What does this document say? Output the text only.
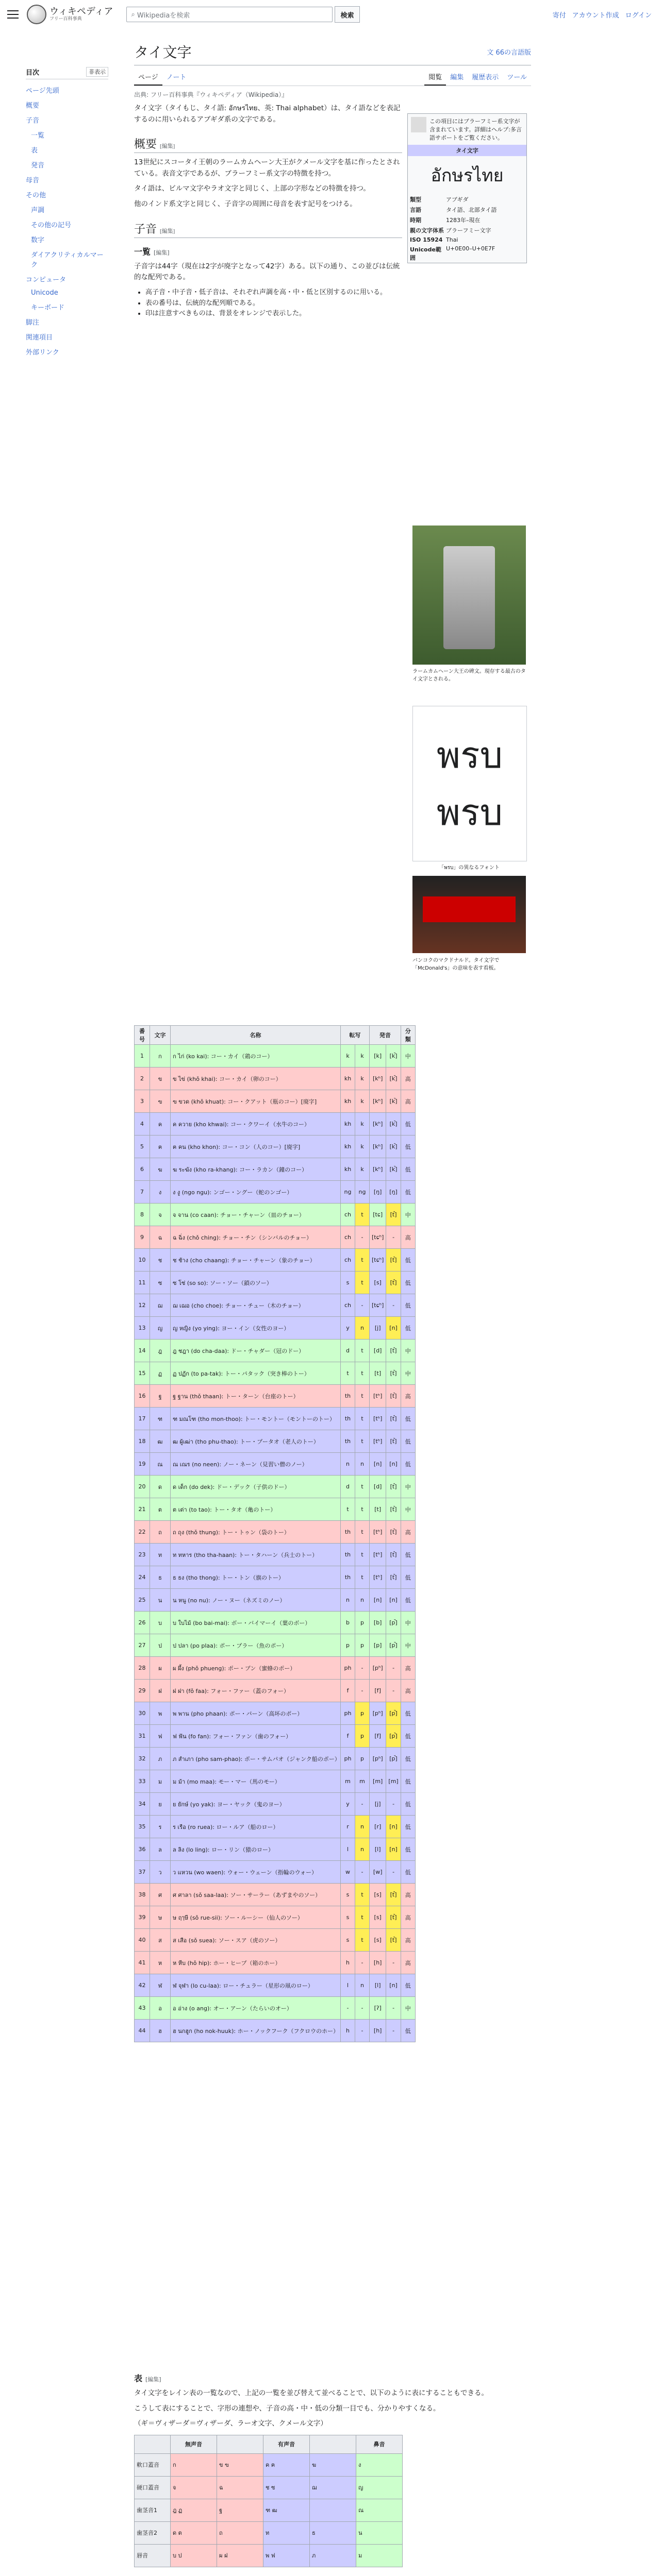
ウィキペディア
フリー百科事典
⌕ Wikipediaを検索	検索	寄付 アカウント作成 ログイン
目次	非表示
ページ先頭
概要
子音
一覧
表
発音
母音
その他
声調
その他の記号
数字
ダイアクリティカルマーク
コンピュータ
Unicode
キーボード
脚注
関連項目
外部リンク
タイ文字	文 66の言語版
ページ	ノート	閲覧	編集	履歴表示	ツール
出典: フリー百科事典『ウィキペディア（Wikipedia）』

タイ文字（タイもじ、タイ語: อักษรไทย、英: Thai alphabet）は、タイ語などを表記するのに用いられるアブギダ系の文字である。

概要 [編集]

13世紀にスコータイ王朝のラームカムヘーン大王がクメール文字を基に作ったとされている。表音文字であるが、ブラーフミー系文字の特徴を持つ。

タイ語は、ビルマ文字やラオ文字と同じく、上部の字形などの特徴を持つ。

他のインド系文字と同じく、子音字の周囲に母音を表す記号をつける。

子音 [編集]
一覧 [編集]

子音字は44字（現在は2字が廃字となって42字）ある。以下の通り、この並びは伝統的な配列である。

• 高子音・中子音・低子音は、それぞれ声調を高・中・低と区別するのに用いる。
• 表の番号は、伝統的な配列順である。
• 印は注意すべきものは、背景をオレンジで表示した。
この項目にはブラーフミー系文字が含まれています。詳細はヘルプ:多言語サポートをご覧ください。
タイ文字
อักษรไทย
類型	アブギダ
言語	タイ語、北部タイ語
時期	1283年–現在
親の文字体系 ブラーフミー文字
ISO 15924 Thai
Unicode範囲
U+0E00–U+0E7F
ラームカムヘーン大王の碑文。現存する最古のタイ文字とされる。
พรบ
พรบ
「พรบ」の異なるフォント
バンコクのマクドナルド。タイ文字で「McDonald's」の意味を表す看板。
番号	文字	名称	転写		発音		分類
1	ก	ก ไก่ (ko kai): コー・カイ（鶏のコー）	k	k	[k]	[k̚]	中
2	ข	ข ไข่ (khǒ khai): コー・カイ（卵のコー）	kh	k	[kʰ]	[k̚]	高
3	ฃ	ฃ ขวด (khǒ khuat): コー・クアット（瓶のコー）[廃字]	kh	k	[kʰ]	[k̚]	高
4	ค	ค ควาย (kho khwai): コー・クワーイ（水牛のコー）	kh	k	[kʰ]	[k̚]	低
5	ฅ	ฅ คน (kho khon): コー・コン（人のコー）[廃字]	kh	k	[kʰ]	[k̚]	低
6	ฆ	ฆ ระฆัง (kho ra-khang): コー・ラカン（鐘のコー）	kh	k	[kʰ]	[k̚]	低
7	ง	ง งู (ngo ngu): ンゴー・ングー（蛇のンゴー）	ng	ng	[ŋ]	[ŋ]	低
8	จ	จ จาน (co caan): チョー・チャーン（皿のチョー）	ch	t	[tɕ]	[t̚]	中
9	ฉ	ฉ ฉิ่ง (chǒ ching): チョー・チン（シンバルのチョー）	ch	-	[tɕʰ]	-	高
10	ช	ช ช้าง (cho chaang): チョー・チャーン（象のチョー）	ch	t	[tɕʰ]	[t̚]	低
11	ซ	ซ โซ่ (so so): ソー・ソー（鎖のソー）	s	t	[s]	[t̚]	低
12	ฌ	ฌ เฌอ (cho choe): チョー・チュー（木のチョー）	ch	-	[tɕʰ]	-	低
13	ญ	ญ หญิง (yo ying): ヨー・イン（女性のヨー）	y	n	[j]	[n]	低
14	ฎ	ฎ ชฎา (do cha-daa): ドー・チャダー（冠のドー）	d	t	[d]	[t̚]	中
15	ฏ	ฏ ปฏัก (to pa-tak): トー・パタック（突き棒のトー）	t	t	[t]	[t̚]	中
16	ฐ	ฐ ฐาน (thǒ thaan): トー・ターン（台座のトー）	th	t	[tʰ]	[t̚]	高
17	ฑ	ฑ มณโฑ (tho mon-thoo): トー・モントー（モントーのトー）	th	t	[tʰ]	[t̚]	低
18	ฒ	ฒ ผู้เฒ่า (tho phu-thao): トー・プータオ（老人のトー）	th	t	[tʰ]	[t̚]	低
19	ณ	ณ เณร (no neen): ノー・ネーン（見習い僧のノー）	n	n	[n]	[n]	低
20	ด	ด เด็ก (do dek): ドー・デック（子供のドー）	d	t	[d]	[t̚]	中
21	ต	ต เต่า (to tao): トー・タオ（亀のトー）	t	t	[t]	[t̚]	中
22	ถ	ถ ถุง (thǒ thung): トー・トゥン（袋のトー）	th	t	[tʰ]	[t̚]	高
23	ท	ท ทหาร (tho tha-haan): トー・タハーン（兵士のトー）	th	t	[tʰ]	[t̚]	低
24	ธ	ธ ธง (tho thong): トー・トン（旗のトー）	th	t	[tʰ]	[t̚]	低
25	น	น หนู (no nu): ノー・ヌー（ネズミのノー）	n	n	[n]	[n]	低
26	บ	บ ใบไม้ (bo bai-mai): ボー・バイマーイ（葉のボー）	b	p	[b]	[p̚]	中
27	ป	ป ปลา (po plaa): ポー・プラー（魚のポー）	p	p	[p]	[p̚]	中
28	ผ	ผ ผึ้ง (phǒ phueng): ポー・プン（蜜蜂のポー）	ph	-	[pʰ]	-	高
29	ฝ	ฝ ฝา (fǒ faa): フォー・ファー（蓋のフォー）	f	-	[f]	-	高
30	พ	พ พาน (pho phaan): ポー・パーン（高坏のポー）	ph	p	[pʰ]	[p̚]	低
31	ฟ	ฟ ฟัน (fo fan): フォー・ファン（歯のフォー）	f	p	[f]	[p̚]	低
32	ภ	ภ สำเภา (pho sam-phao): ポー・サムパオ（ジャンク船のポー）	ph	p	[pʰ]	[p̚]	低
33	ม	ม ม้า (mo maa): モー・マー（馬のモー）	m	m	[m]	[m]	低
34	ย	ย ยักษ์ (yo yak): ヨー・ヤック（鬼のヨー）	y	-	[j]	-	低
35	ร	ร เรือ (ro ruea): ロー・ルア（船のロー）	r	n	[r]	[n]	低
36	ล	ล ลิง (lo ling): ロー・リン（猿のロー）	l	n	[l]	[n]	低
37	ว	ว แหวน (wo waen): ウォー・ウェーン（指輪のウォー）	w	-	[w]	-	低
38	ศ	ศ ศาลา (sǒ saa-laa): ソー・サーラー（あずまやのソー）	s	t	[s]	[t̚]	高
39	ษ	ษ ฤๅษี (sǒ rue-sii): ソー・ルーシー（仙人のソー）	s	t	[s]	[t̚]	高
40	ส	ส เสือ (sǒ suea): ソー・スア（虎のソー）	s	t	[s]	[t̚]	高
41	ห	ห หีบ (hǒ hip): ホー・ヒープ（箱のホー）	h	-	[h]	-	高
42	ฬ	ฬ จุฬา (lo cu-laa): ロー・チュラー（星形の凧のロー）	l	n	[l]	[n]	低
43	อ	อ อ่าง (o ang): オー・アーン（たらいのオー）	-	-	[ʔ]	-	中
44	ฮ	ฮ นกฮูก (ho nok-huuk): ホー・ノックフーク（フクロウのホー）	h	-	[h]	-	低
表 [編集]

タイ文字をレイン表の一覧なので、上記の一覧を並び替えて並べることで、以下のように表にすることもできる。

こうして表にすることで、字形の連想や、子音の高・中・低の分類一目でも、分かりやすくなる。

（ギ＝ヴィザーダ＝ヴィザーダ、ラーオ文字、クメール文字）

	無声音		有声音		鼻音
軟口蓋音	ก	ข ฃ	ค ฅ	ฆ	ง
硬口蓋音	จ	ฉ	ช ซ	ฌ	ญ
歯茎音1	ฎ ฏ	ฐ	ฑ ฒ		ณ
歯茎音2	ด ต	ถ	ท	ธ	น
唇音	บ ป	ผ ฝ	พ ฟ	ภ	ม
